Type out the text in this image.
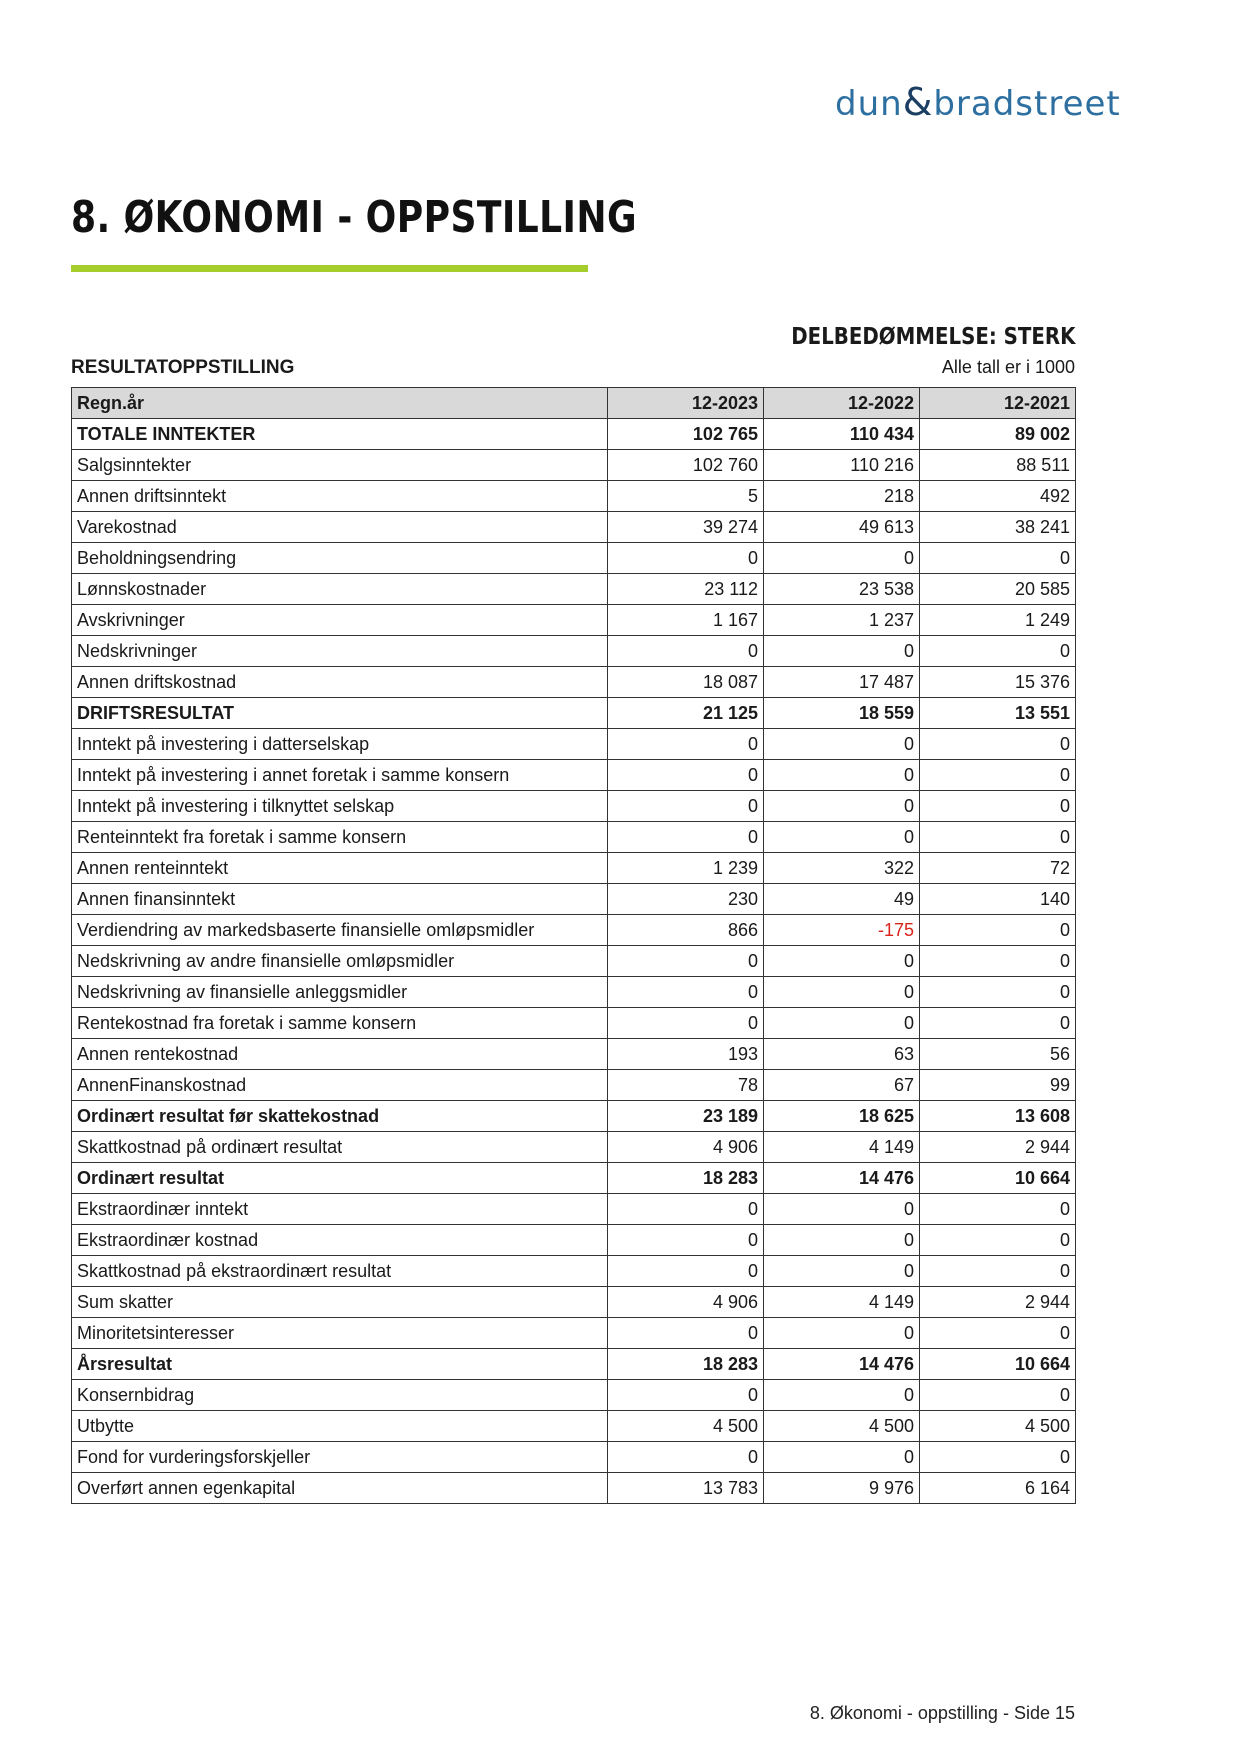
dun&bradstreet
8. ØKONOMI - OPPSTILLING
DELBEDØMMELSE: STERK
RESULTATOPPSTILLING	Alle tall er i 1000
Regn.år	12-2023	12-2022	12-2021
TOTALE INNTEKTER	102 765	110 434	89 002
Salgsinntekter	102 760	110 216	88 511
Annen driftsinntekt	5	218	492
Varekostnad	39 274	49 613	38 241
Beholdningsendring	0	0	0
Lønnskostnader	23 112	23 538	20 585
Avskrivninger	1 167	1 237	1 249
Nedskrivninger	0	0	0
Annen driftskostnad	18 087	17 487	15 376
DRIFTSRESULTAT	21 125	18 559	13 551
Inntekt på investering i datterselskap	0	0	0
Inntekt på investering i annet foretak i samme konsern	0	0	0
Inntekt på investering i tilknyttet selskap	0	0	0
Renteinntekt fra foretak i samme konsern	0	0	0
Annen renteinntekt	1 239	322	72
Annen finansinntekt	230	49	140
Verdiendring av markedsbaserte finansielle omløpsmidler	866	-175	0
Nedskrivning av andre finansielle omløpsmidler	0	0	0
Nedskrivning av finansielle anleggsmidler	0	0	0
Rentekostnad fra foretak i samme konsern	0	0	0
Annen rentekostnad	193	63	56
AnnenFinanskostnad	78	67	99
Ordinært resultat før skattekostnad	23 189	18 625	13 608
Skattkostnad på ordinært resultat	4 906	4 149	2 944
Ordinært resultat	18 283	14 476	10 664
Ekstraordinær inntekt	0	0	0
Ekstraordinær kostnad	0	0	0
Skattkostnad på ekstraordinært resultat	0	0	0
Sum skatter	4 906	4 149	2 944
Minoritetsinteresser	0	0	0
Årsresultat	18 283	14 476	10 664
Konsernbidrag	0	0	0
Utbytte	4 500	4 500	4 500
Fond for vurderingsforskjeller	0	0	0
Overført annen egenkapital	13 783	9 976	6 164
8. Økonomi - oppstilling - Side 15
